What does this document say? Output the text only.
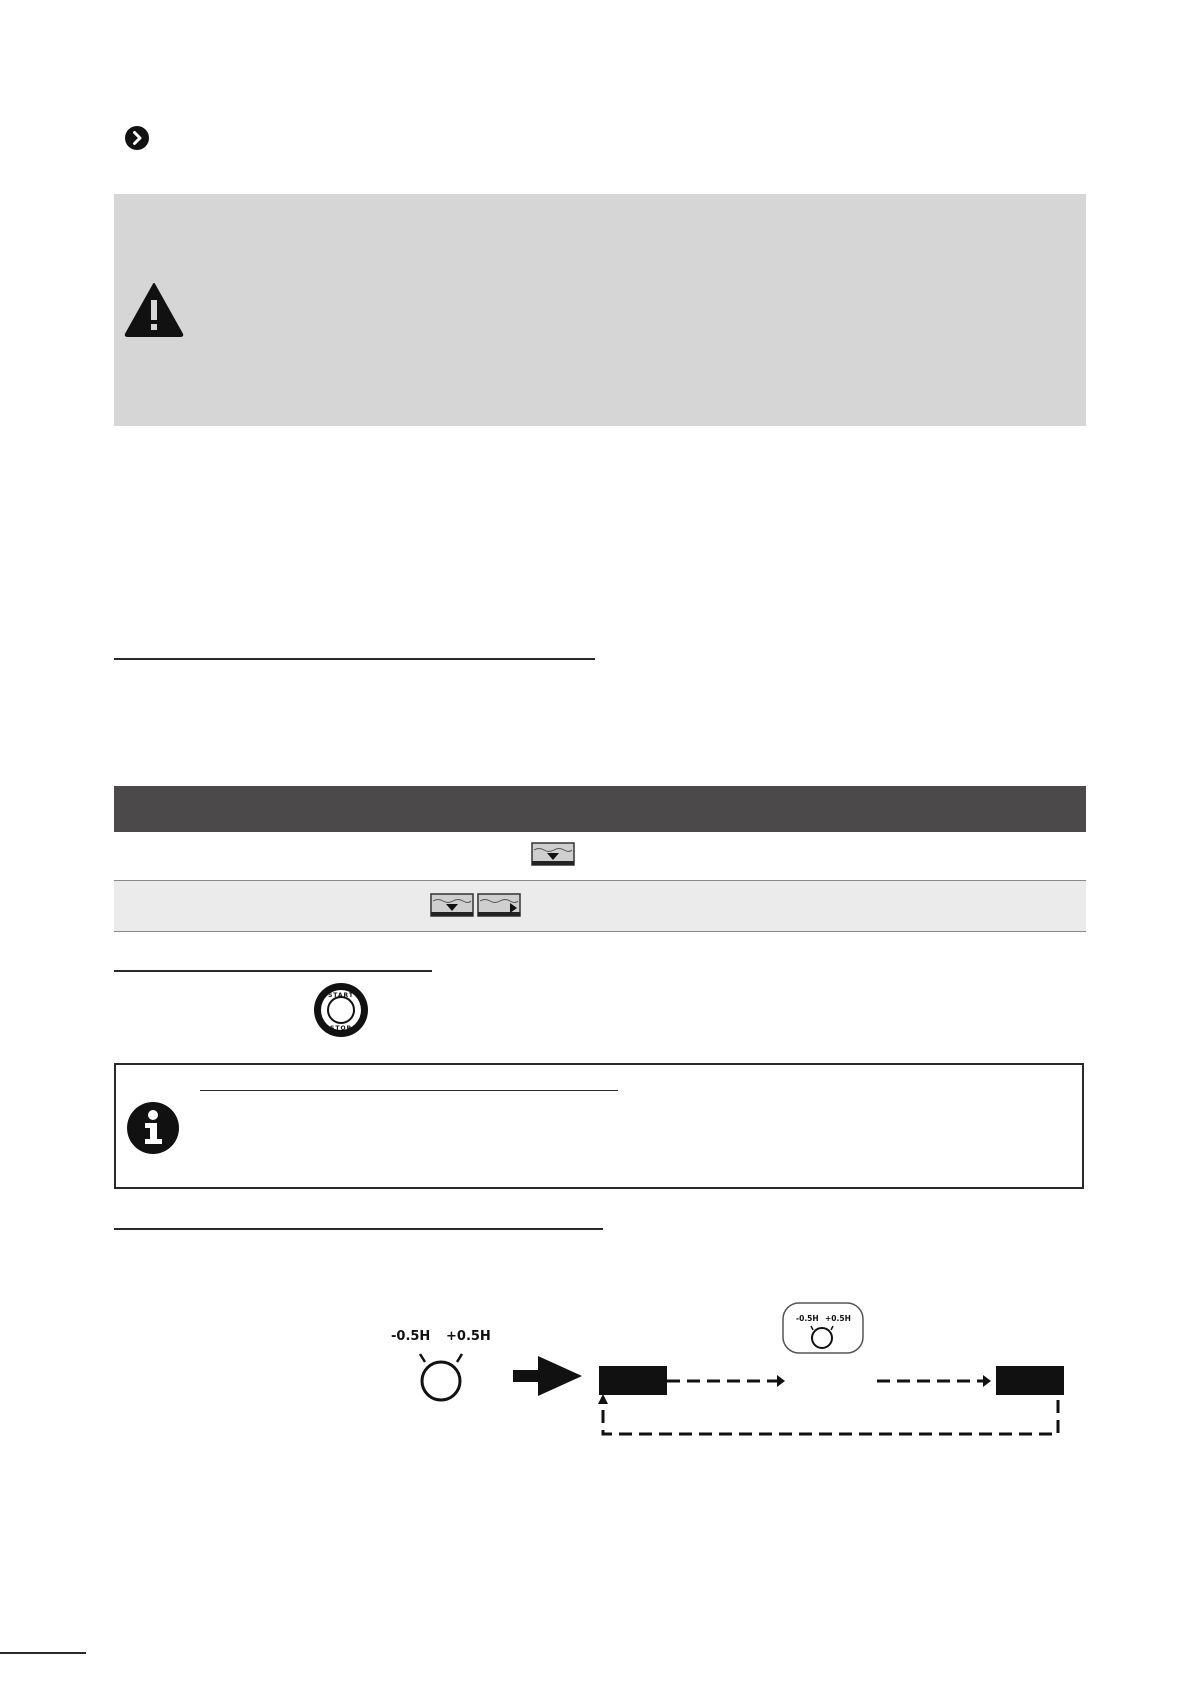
START
STOP
-0.5H +0.5H
-0.5H +0.5H
